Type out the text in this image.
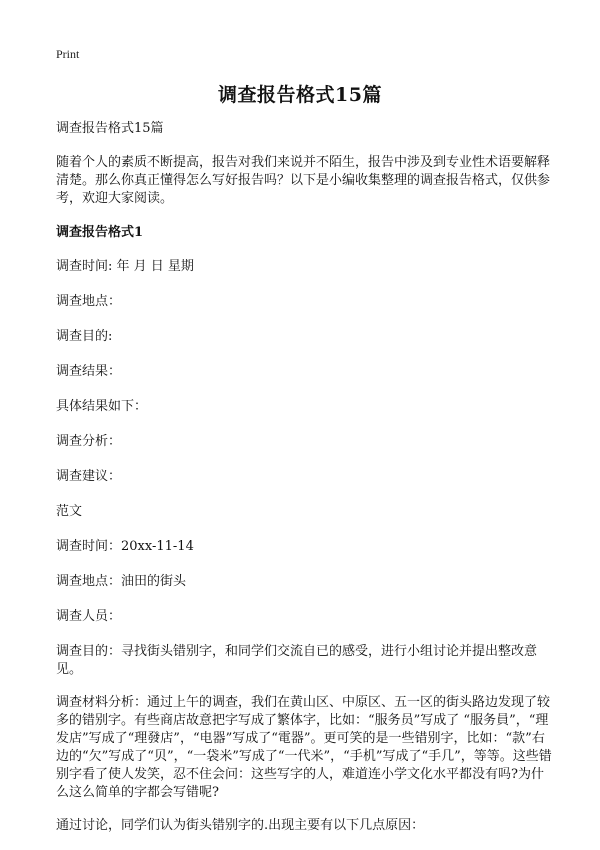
Print
调查报告格式15篇

调查报告格式15篇

随着个人的素质不断提高，报告对我们来说并不陌生，报告中涉及到专业性术语要解释清楚。那么你真正懂得怎么写好报告吗？以下是小编收集整理的调查报告格式，仅供参考，欢迎大家阅读。

调查报告格式1

调查时间: 年 月 日 星期

调查地点：

调查目的:

调查结果：

具体结果如下：

调查分析：

调查建议：

范文

调查时间：20xx-11-14

调查地点：油田的街头

调查人员：

调查目的：寻找街头错别字，和同学们交流自已的感受，进行小组讨论并提出整改意见。

调查材料分析：通过上午的调查，我们在黄山区、中原区、五一区的街头路边发现了较多的错别字。有些商店故意把字写成了繁体字，比如：“服务员”写成了 “服务員”，“理发店”写成了“理發店”，“电器”写成了“電器”。更可笑的是一些错别字，比如：“款”右边的“欠”写成了“贝”，“一袋米”写成了“一代米”，“手机”写成了“手几”，等等。这些错别字看了使人发笑，忍不住会问：这些写字的人，难道连小学文化水平都没有吗?为什么这么简单的字都会写错呢?

通过讨论，同学们认为街头错别字的.出现主要有以下几点原因：
